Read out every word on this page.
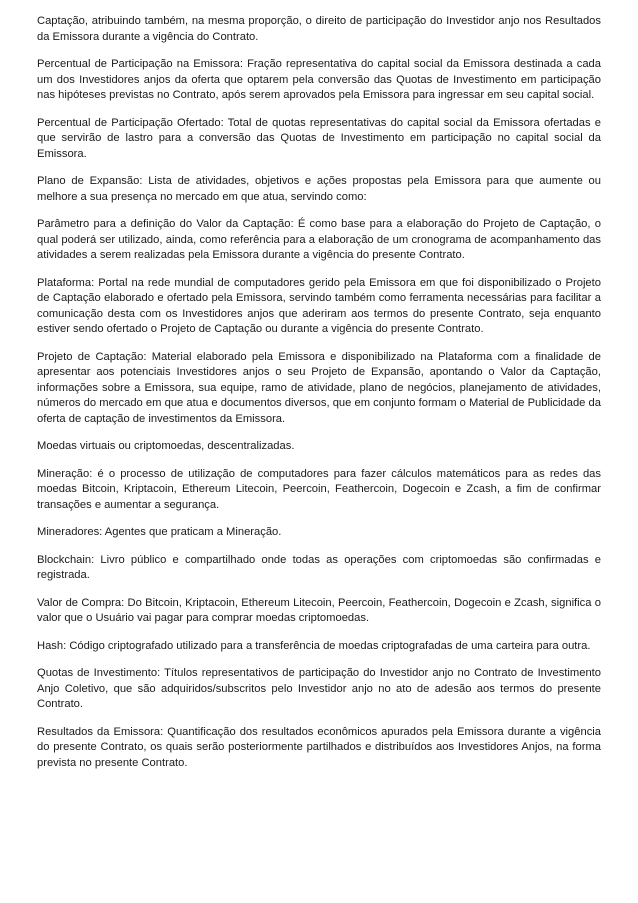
Captação, atribuindo também, na mesma proporção, o direito de participação do Investidor anjo nos Resultados da Emissora durante a vigência do Contrato.

Percentual de Participação na Emissora: Fração representativa do capital social da Emissora destinada a cada um dos Investidores anjos da oferta que optarem pela conversão das Quotas de Investimento em participação nas hipóteses previstas no Contrato, após serem aprovados pela Emissora para ingressar em seu capital social.

Percentual de Participação Ofertado: Total de quotas representativas do capital social da Emissora ofertadas e que servirão de lastro para a conversão das Quotas de Investimento em participação no capital social da Emissora.

Plano de Expansão: Lista de atividades, objetivos e ações propostas pela Emissora para que aumente ou melhore a sua presença no mercado em que atua, servindo como:

Parâmetro para a definição do Valor da Captação: É como base para a elaboração do Projeto de Captação, o qual poderá ser utilizado, ainda, como referência para a elaboração de um cronograma de acompanhamento das atividades a serem realizadas pela Emissora durante a vigência do presente Contrato.

Plataforma: Portal na rede mundial de computadores gerido pela Emissora em que foi disponibilizado o Projeto de Captação elaborado e ofertado pela Emissora, servindo também como ferramenta necessárias para facilitar a comunicação desta com os Investidores anjos que aderiram aos termos do presente Contrato, seja enquanto estiver sendo ofertado o Projeto de Captação ou durante a vigência do presente Contrato.

Projeto de Captação: Material elaborado pela Emissora e disponibilizado na Plataforma com a finalidade de apresentar aos potenciais Investidores anjos o seu Projeto de Expansão, apontando o Valor da Captação, informações sobre a Emissora, sua equipe, ramo de atividade, plano de negócios, planejamento de atividades, números do mercado em que atua e documentos diversos, que em conjunto formam o Material de Publicidade da oferta de captação de investimentos da Emissora.

Moedas virtuais ou criptomoedas, descentralizadas.

Mineração: é o processo de utilização de computadores para fazer cálculos matemáticos para as redes das moedas Bitcoin, Kriptacoin, Ethereum Litecoin, Peercoin, Feathercoin, Dogecoin e Zcash, a fim de confirmar transações e aumentar a segurança.

Mineradores: Agentes que praticam a Mineração.

Blockchain: Livro público e compartilhado onde todas as operações com criptomoedas são confirmadas e registrada.

Valor de Compra: Do Bitcoin, Kriptacoin, Ethereum Litecoin, Peercoin, Feathercoin, Dogecoin e Zcash, significa o valor que o Usuário vai pagar para comprar moedas criptomoedas.

Hash: Código criptografado utilizado para a transferência de moedas criptografadas de uma carteira para outra.

Quotas de Investimento: Títulos representativos de participação do Investidor anjo no Contrato de Investimento Anjo Coletivo, que são adquiridos/subscritos pelo Investidor anjo no ato de adesão aos termos do presente Contrato.

Resultados da Emissora: Quantificação dos resultados econômicos apurados pela Emissora durante a vigência do presente Contrato, os quais serão posteriormente partilhados e distribuídos aos Investidores Anjos, na forma prevista no presente Contrato.
